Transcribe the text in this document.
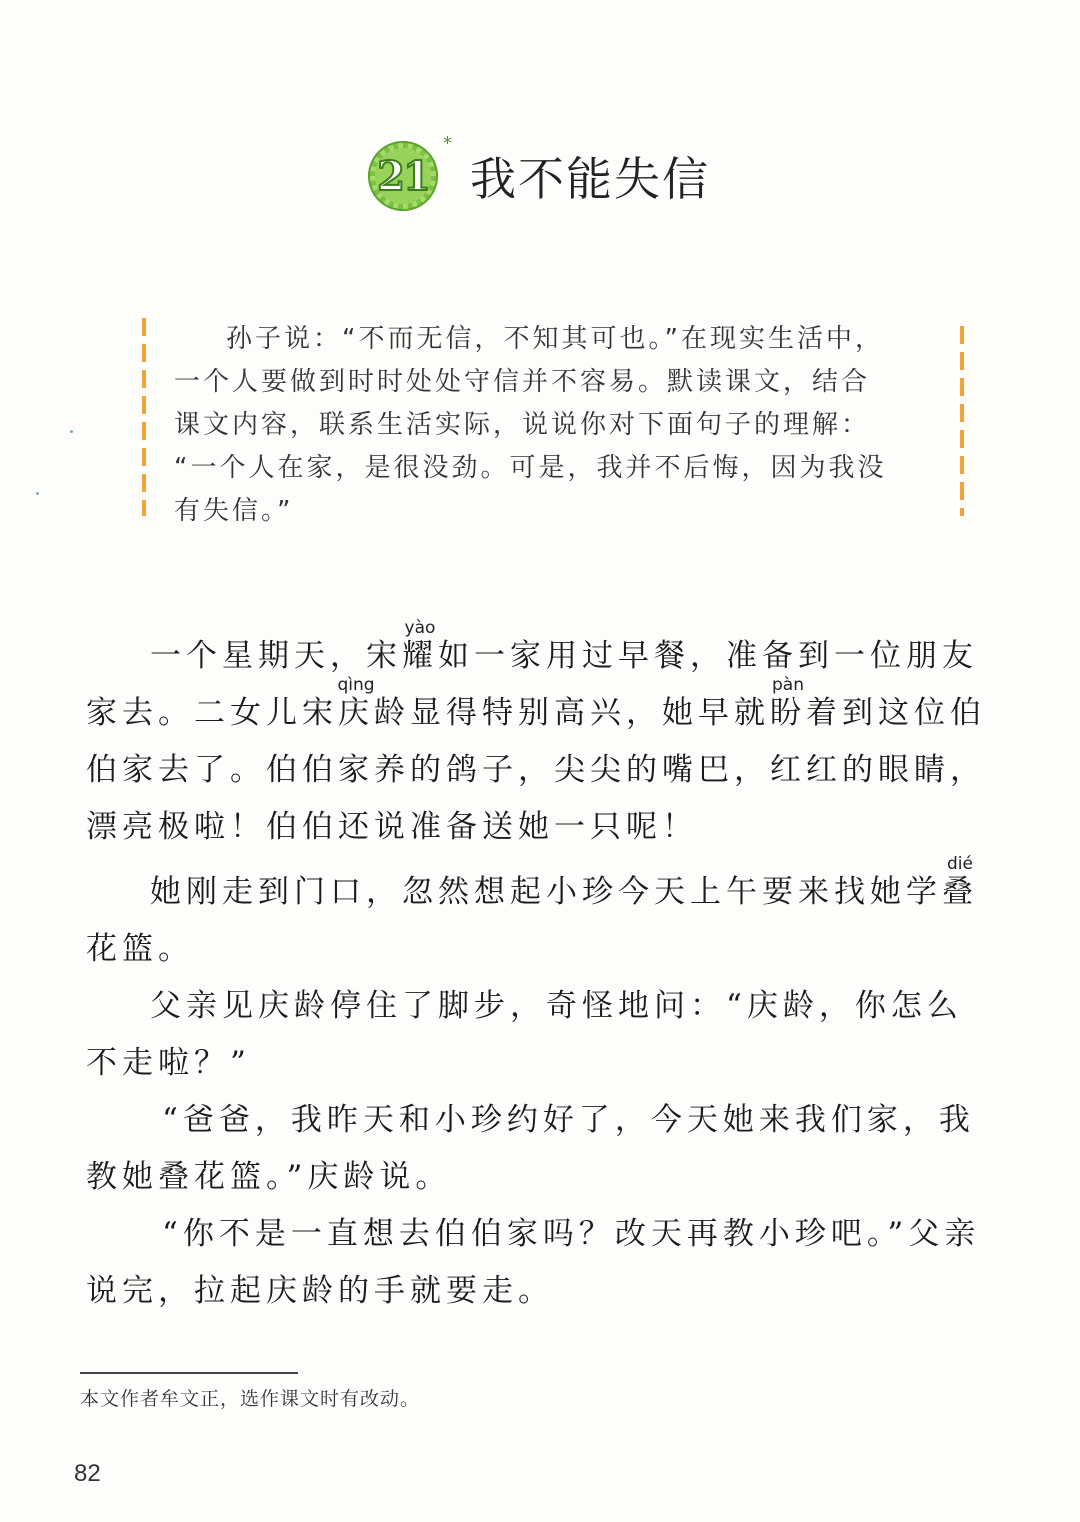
21
*
我不能失信

孙子说：“不而无信，不知其可也。”在现实生活中，

一个人要做到时时处处守信并不容易。默读课文，结合

课文内容，联系生活实际，说说你对下面句子的理解：

“一个人在家，是很没劲。可是，我并不后悔，因为我没

有失信。”

一个星期天，宋耀yào如一家用过早餐，准备到一位朋友家去。二女儿宋庆qìng龄显得特别高兴，她早就盼pàn着到这位伯伯家去了。伯伯家养的鸽子，尖尖的嘴巴，红红的眼睛，漂亮极啦！伯伯还说准备送她一只呢！

她刚走到门口，忽然想起小珍今天上午要来找她学叠dié花篮。

父亲见庆龄停住了脚步，奇怪地问：“庆龄，你怎么不走啦？”

“爸爸，我昨天和小珍约好了，今天她来我们家，我教她叠花篮。”庆龄说。

“你不是一直想去伯伯家吗？改天再教小珍吧。”父亲说完，拉起庆龄的手就要走。

本文作者牟文正，选作课文时有改动。
82
